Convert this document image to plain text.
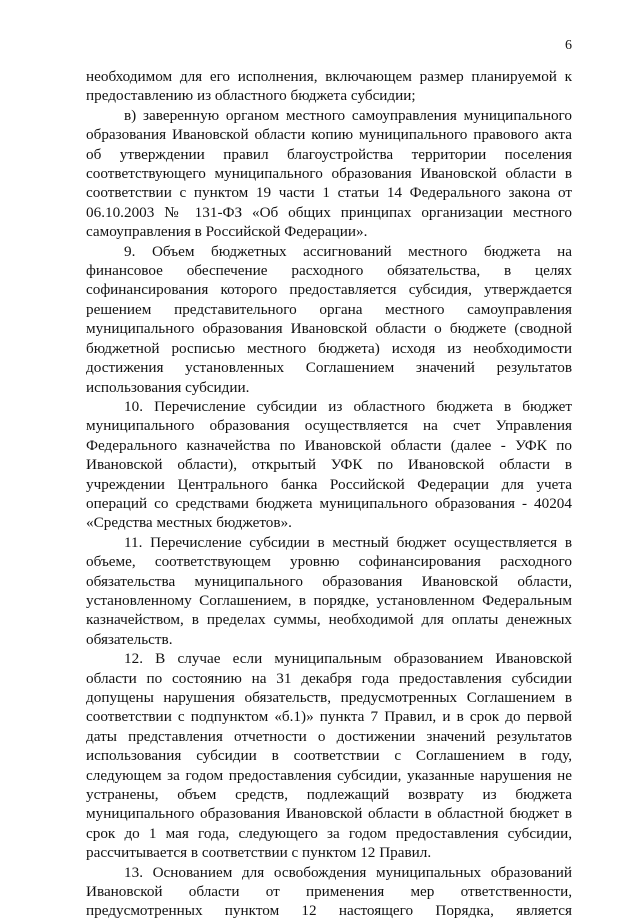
6

необходимом для его исполнения, включающем размер планируемой к предоставлению из областного бюджета субсидии;

в) заверенную органом местного самоуправления муниципального образования Ивановской области копию муниципального правового акта об утверждении правил благоустройства территории поселения соответствующего муниципального образования Ивановской области в соответствии с пунктом 19 части 1 статьи 14 Федерального закона от 06.10.2003 № 131-ФЗ «Об общих принципах организации местного самоуправления в Российской Федерации».

9. Объем бюджетных ассигнований местного бюджета на финансовое обеспечение расходного обязательства, в целях софинансирования которого предоставляется субсидия, утверждается решением представительного органа местного самоуправления муниципального образования Ивановской области о бюджете (сводной бюджетной росписью местного бюджета) исходя из необходимости достижения установленных Соглашением значений результатов использования субсидии.

10. Перечисление субсидии из областного бюджета в бюджет муниципального образования осуществляется на счет Управления Федерального казначейства по Ивановской области (далее - УФК по Ивановской области), открытый УФК по Ивановской области в учреждении Центрального банка Российской Федерации для учета операций со средствами бюджета муниципального образования - 40204 «Средства местных бюджетов».

11. Перечисление субсидии в местный бюджет осуществляется в объеме, соответствующем уровню софинансирования расходного обязательства муниципального образования Ивановской области, установленному Соглашением, в порядке, установленном Федеральным казначейством, в пределах суммы, необходимой для оплаты денежных обязательств.

12. В случае если муниципальным образованием Ивановской области по состоянию на 31 декабря года предоставления субсидии допущены нарушения обязательств, предусмотренных Соглашением в соответствии с подпунктом «б.1)» пункта 7 Правил, и в срок до первой даты представления отчетности о достижении значений результатов использования субсидии в соответствии с Соглашением в году, следующем за годом предоставления субсидии, указанные нарушения не устранены, объем средств, подлежащий возврату из бюджета муниципального образования Ивановской области в областной бюджет в срок до 1 мая года, следующего за годом предоставления субсидии, рассчитывается в соответствии с пунктом 12 Правил.

13. Основанием для освобождения муниципальных образований Ивановской области от применения мер ответственности, предусмотренных пунктом 12 настоящего Порядка, является
